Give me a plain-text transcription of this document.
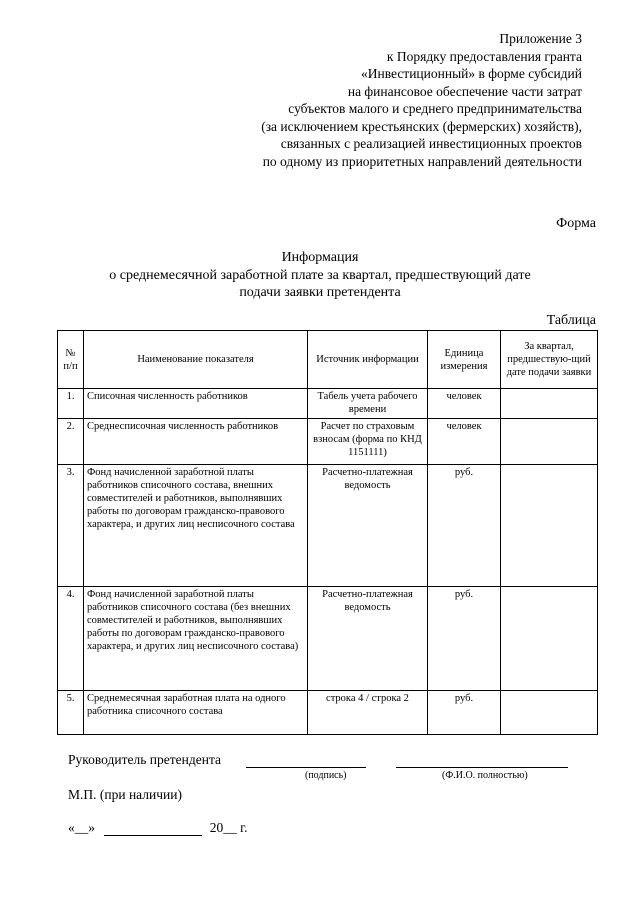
Приложение 3
к Порядку предоставления гранта
«Инвестиционный» в форме субсидий
на финансовое обеспечение части затрат
субъектов малого и среднего предпринимательства
(за исключением крестьянских (фермерских) хозяйств),
связанных с реализацией инвестиционных проектов
по одному из приоритетных направлений деятельности
Форма
Информация
о среднемесячной заработной плате за квартал, предшествующий дате
подачи заявки претендента
Таблица
№ п/п	Наименование показателя	Источник информации	Единица измерения	За квартал, предшествую-щий дате подачи заявки
1.	Списочная численность работников	Табель учета рабочего времени	человек	
2.	Среднесписочная численность работников	Расчет по страховым взносам (форма по КНД 1151111)	человек	
3.	Фонд начисленной заработной платы работников списочного состава, внешних совместителей и работников, выполнявших работы по договорам гражданско-правового характера, и других лиц несписочного состава	Расчетно-платежная ведомость	руб.	
4.	Фонд начисленной заработной платы работников списочного состава (без внешних совместителей и работников, выполнявших работы по договорам гражданско-правового характера, и других лиц несписочного состава)	Расчетно-платежная ведомость	руб.	
5.	Среднемесячная заработная плата на одного работника списочного состава	строка 4 / строка 2	руб.	
Руководитель претендента
(подпись)	(Ф.И.О. полностью)
М.П. (при наличии)
«__»	20__ г.
